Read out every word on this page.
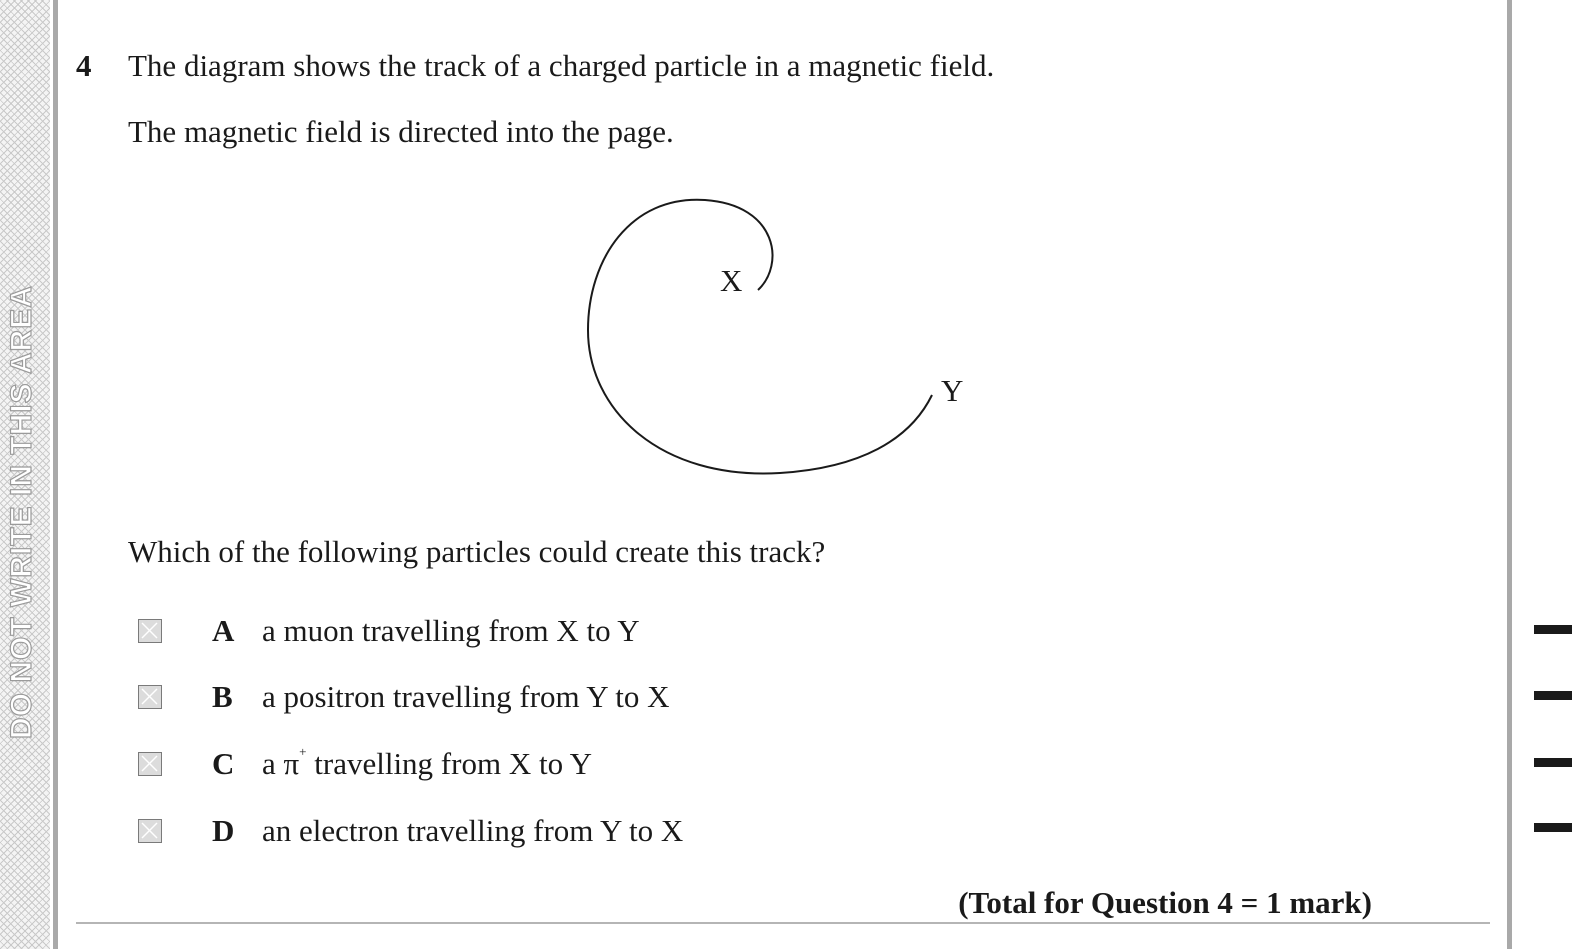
DO NOT WRITE IN THIS AREA
4 The diagram shows the track of a charged particle in a magnetic field.
The magnetic field is directed into the page.
X
Y
Which of the following particles could create this track?
A a muon travelling from X to Y
B a positron travelling from Y to X
C a π+ travelling from X to Y
D an electron travelling from Y to X
(Total for Question 4 = 1 mark)
